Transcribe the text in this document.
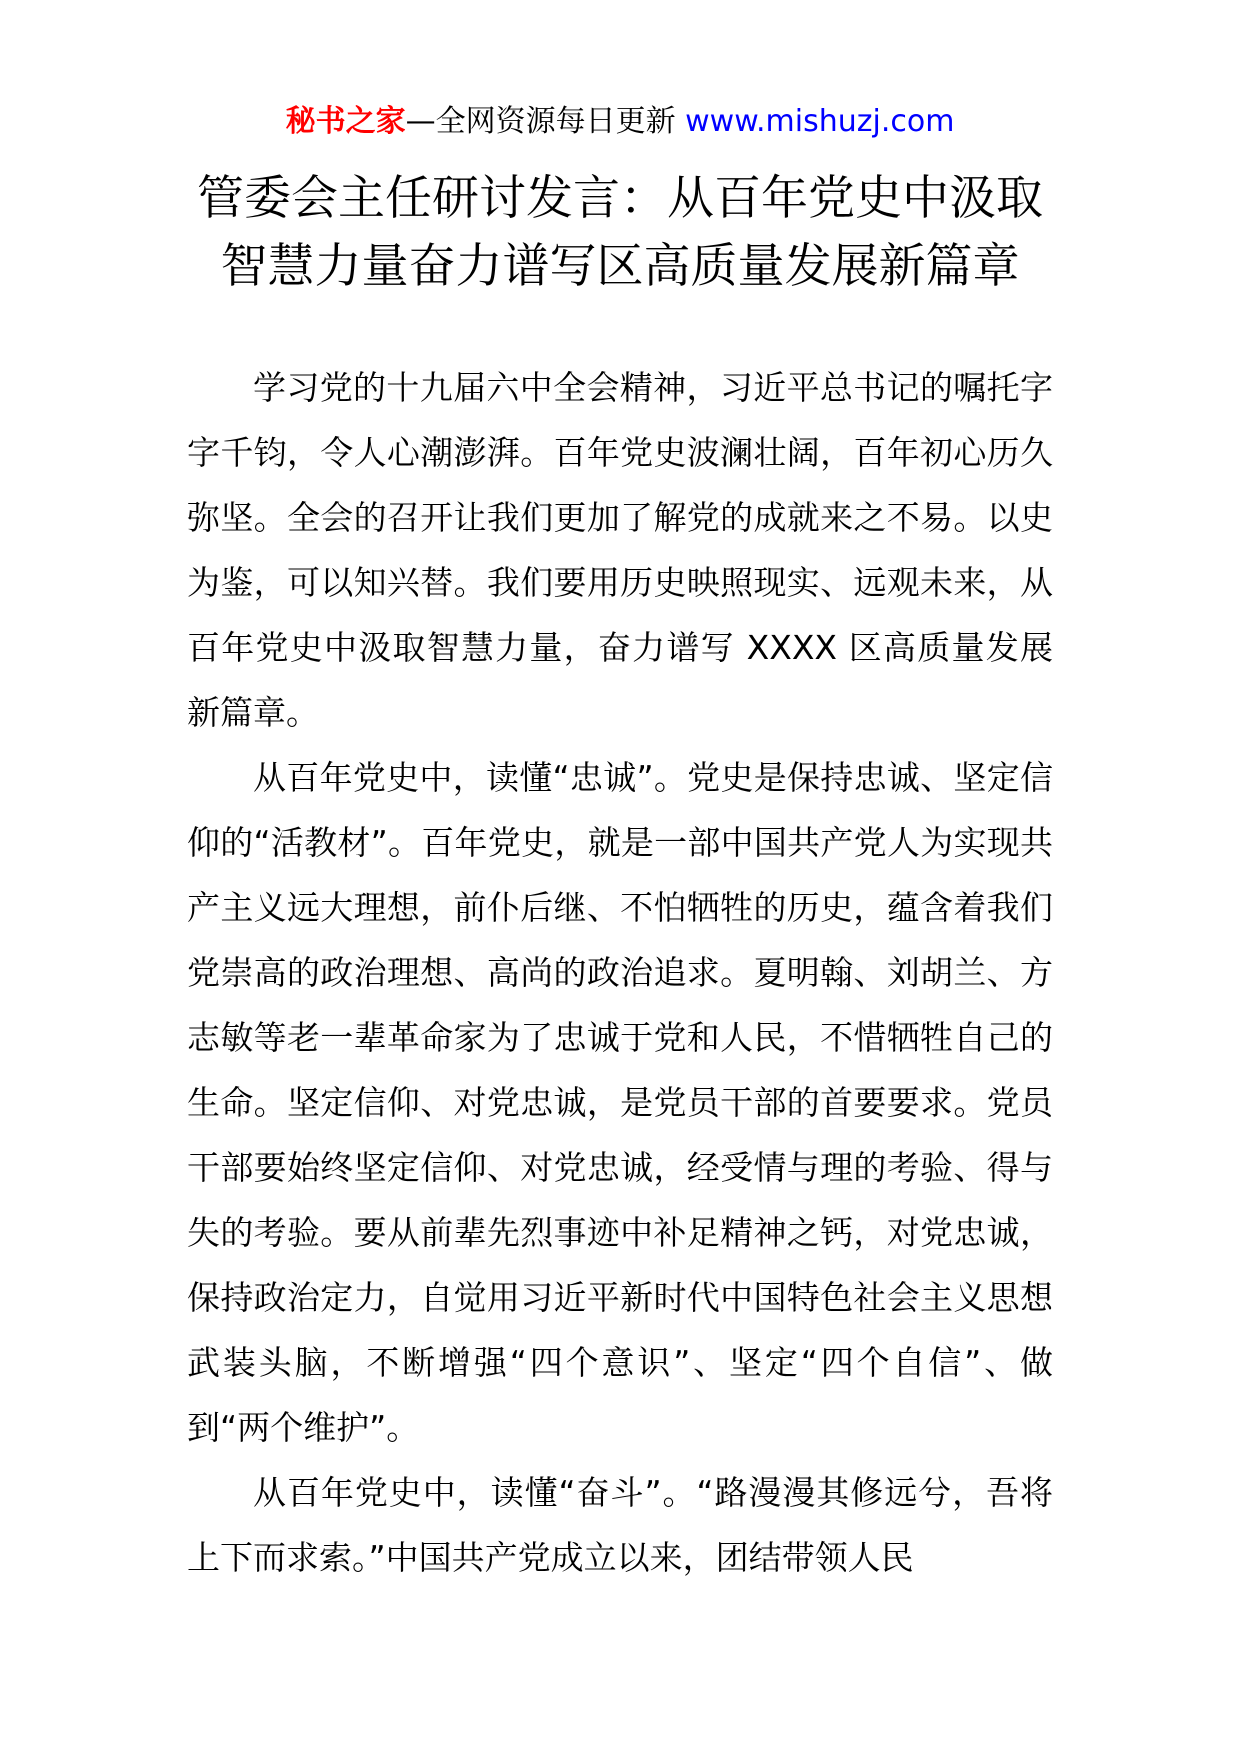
秘书之家—全网资源每日更新 www.mishuzj.com
管委会主任研讨发言：从百年党史中汲取
智慧力量奋力谱写区高质量发展新篇章

学习党的十九届六中全会精神，习近平总书记的嘱托字字千钧，令人心潮澎湃。百年党史波澜壮阔，百年初心历久弥坚。全会的召开让我们更加了解党的成就来之不易。以史为鉴，可以知兴替。我们要用历史映照现实、远观未来，从百年党史中汲取智慧力量，奋力谱写 XXXX 区高质量发展新篇章。

从百年党史中，读懂“忠诚”。党史是保持忠诚、坚定信仰的“活教材”。百年党史，就是一部中国共产党人为实现共产主义远大理想，前仆后继、不怕牺牲的历史，蕴含着我们党崇高的政治理想、高尚的政治追求。夏明翰、刘胡兰、方志敏等老一辈革命家为了忠诚于党和人民，不惜牺牲自己的生命。坚定信仰、对党忠诚，是党员干部的首要要求。党员干部要始终坚定信仰、对党忠诚，经受情与理的考验、得与失的考验。要从前辈先烈事迹中补足精神之钙，对党忠诚，保持政治定力，自觉用习近平新时代中国特色社会主义思想武装头脑，不断增强“四个意识”、坚定“四个自信”、做到“两个维护”。

从百年党史中，读懂“奋斗”。“路漫漫其修远兮，吾将上下而求索。”中国共产党成立以来，团结带领人民
